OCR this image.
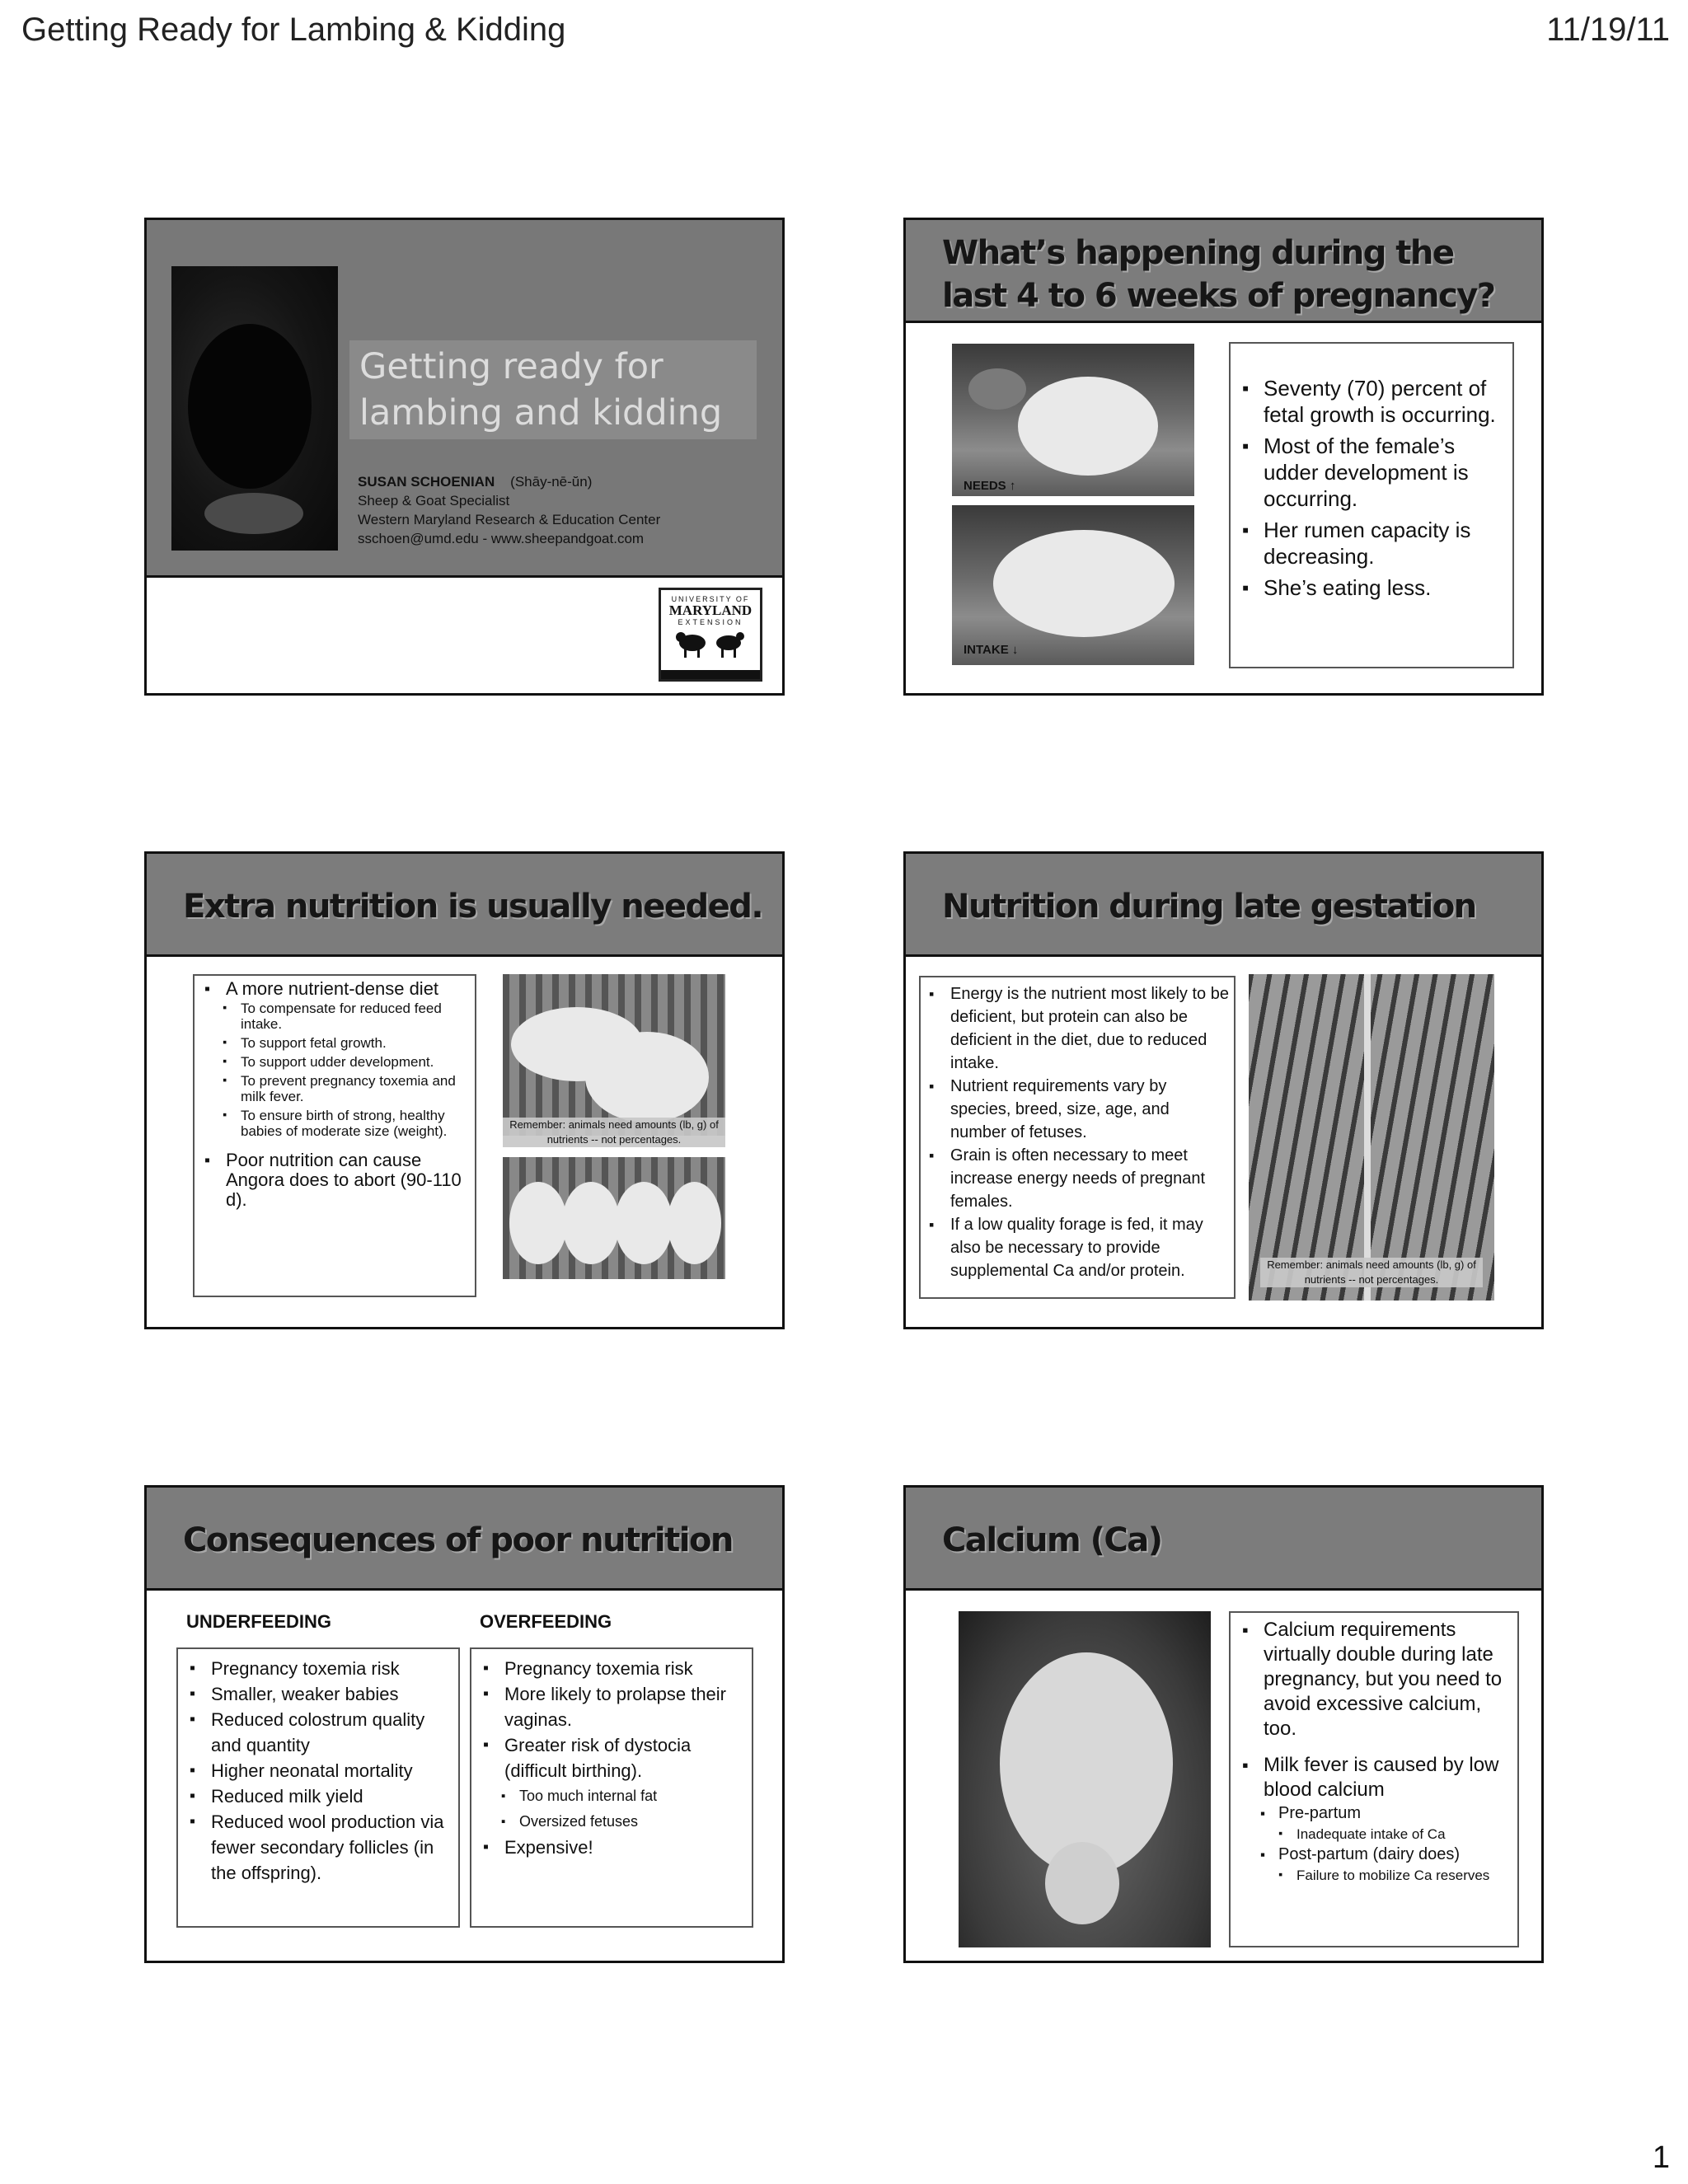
Getting Ready for Lambing & Kidding	11/19/11
Getting ready for
lambing and kidding
SUSAN SCHOENIAN (Shāy-nē-ŭn)
Sheep & Goat Specialist
Western Maryland Research & Education Center
sschoen@umd.edu - www.sheepandgoat.com
UNIVERSITY OF
MARYLAND
EXTENSION
What’s happening during the
last 4 to 6 weeks of pregnancy?
NEEDS ↑
INTAKE ↓
▪ Seventy (70) percent of fetal growth is occurring.
▪ Most of the female’s udder development is occurring.
▪ Her rumen capacity is decreasing.
▪ She’s eating less.
Extra nutrition is usually needed.
▪ A more nutrient-dense diet
▪ To compensate for reduced feed intake.
▪ To support fetal growth.
▪ To support udder development.
▪ To prevent pregnancy toxemia and milk fever.
▪ To ensure birth of strong, healthy babies of moderate size (weight).
▪ Poor nutrition can cause Angora does to abort (90-110 d).
Remember: animals need amounts (lb, g) of nutrients -- not percentages.
Nutrition during late gestation
▪ Energy is the nutrient most likely to be deficient, but protein can also be deficient in the diet, due to reduced intake.
▪ Nutrient requirements vary by species, breed, size, age, and number of fetuses.
▪ Grain is often necessary to meet increase energy needs of pregnant females.
▪ If a low quality forage is fed, it may also be necessary to provide supplemental Ca and/or protein.	Remember: animals need amounts (lb, g) of nutrients -- not percentages.
Consequences of poor nutrition
UNDERFEEDING	OVERFEEDING
▪ Pregnancy toxemia risk
▪ Smaller, weaker babies
▪ Reduced colostrum quality and quantity
▪ Higher neonatal mortality
▪ Reduced milk yield
▪ Reduced wool production via fewer secondary follicles (in the offspring).
▪ Pregnancy toxemia risk
▪ More likely to prolapse their vaginas.
▪ Greater risk of dystocia (difficult birthing).
▪ Too much internal fat
▪ Oversized fetuses
▪ Expensive!
Calcium (Ca)
▪ Calcium requirements virtually double during late pregnancy, but you need to avoid excessive calcium, too.
▪ Milk fever is caused by low blood calcium
▪ Pre-partum
▪ Inadequate intake of Ca
▪ Post-partum (dairy does)
▪ Failure to mobilize Ca reserves
1
